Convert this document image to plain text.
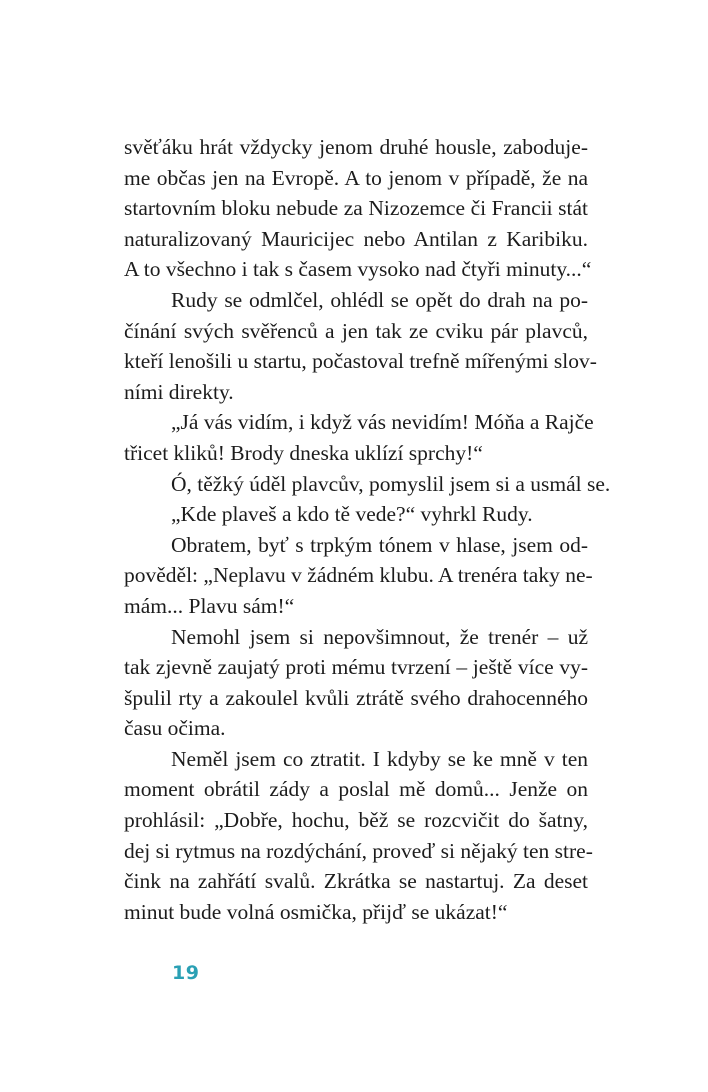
svěťáku hrát vždycky jenom druhé housle, zaboduje-
me občas jen na Evropě. A to jenom v případě, že na
startovním bloku nebude za Nizozemce či Francii stát
naturalizovaný Mauricijec nebo Antilan z Karibiku.
A to všechno i tak s časem vysoko nad čtyři minuty...“
Rudy se odmlčel, ohlédl se opět do drah na po-
čínání svých svěřenců a jen tak ze cviku pár plavců,
kteří lenošili u startu, počastoval trefně mířenými slov-
ními direkty.
„Já vás vidím, i když vás nevidím! Móňa a Rajče
třicet kliků! Brody dneska uklízí sprchy!“
Ó, těžký úděl plavcův, pomyslil jsem si a usmál se.
„Kde plaveš a kdo tě vede?“ vyhrkl Rudy.
Obratem, byť s trpkým tónem v hlase, jsem od-
pověděl: „Neplavu v žádném klubu. A trenéra taky ne-
mám... Plavu sám!“
Nemohl jsem si nepovšimnout, že trenér – už
tak zjevně zaujatý proti mému tvrzení – ještě více vy-
špulil rty a zakoulel kvůli ztrátě svého drahocenného
času očima.
Neměl jsem co ztratit. I kdyby se ke mně v ten
moment obrátil zády a poslal mě domů... Jenže on
prohlásil: „Dobře, hochu, běž se rozcvičit do šatny,
dej si rytmus na rozdýchání, proveď si nějaký ten stre-
čink na zahřátí svalů. Zkrátka se nastartuj. Za deset
minut bude volná osmička, přijď se ukázat!“
19
